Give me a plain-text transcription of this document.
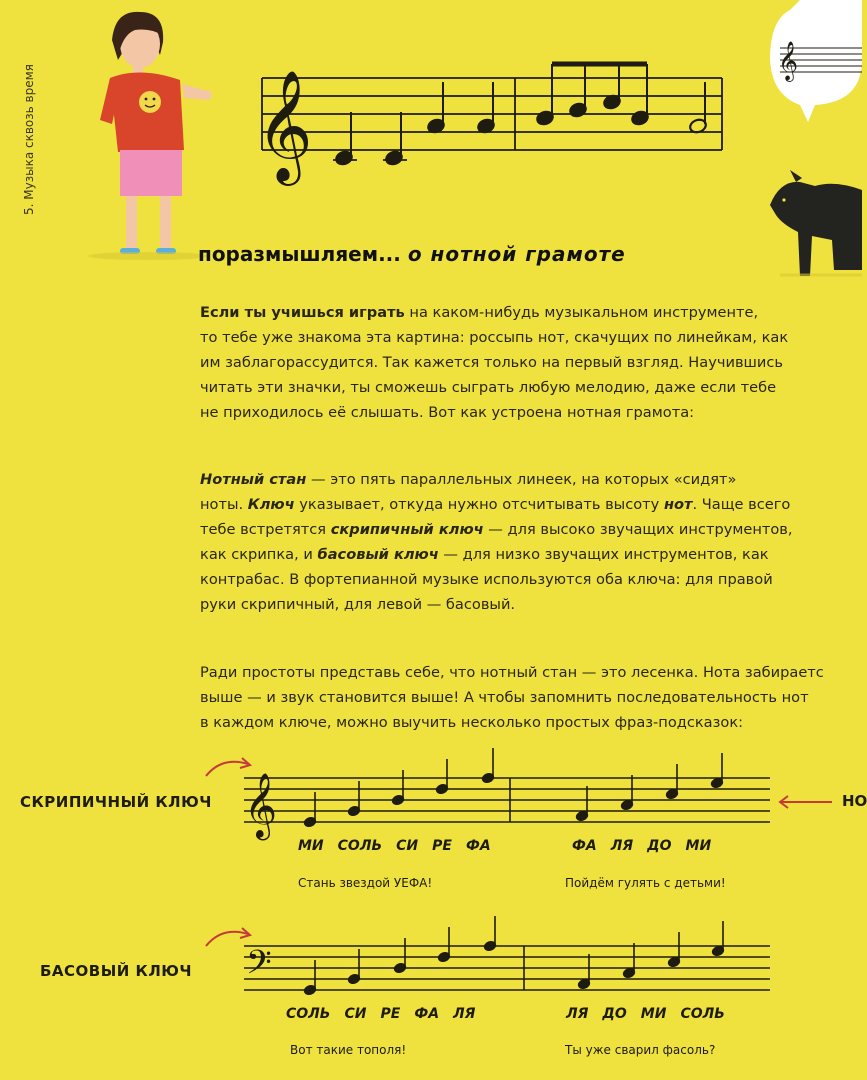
𝄞
𝄞
𝄞
𝄢
5. Музыка сквозь время
поразмышляем... о нотной грамоте
Если ты учишься играть на каком-нибудь музыкальном инструменте,
то тебе уже знакома эта картина: россыпь нот, скачущих по линейкам, как
им заблагорассудится. Так кажется только на первый взгляд. Научившись
читать эти значки, ты сможешь сыграть любую мелодию, даже если тебе
не приходилось её слышать. Вот как устроена нотная грамота:
Нотный стан — это пять параллельных линеек, на которых «сидят»
ноты. Ключ указывает, откуда нужно отсчитывать высоту нот. Чаще всего
тебе встретятся скрипичный ключ — для высоко звучащих инструментов,
как скрипка, и басовый ключ — для низко звучащих инструментов, как
контрабас. В фортепианной музыке используются оба ключа: для правой
руки скрипичный, для левой — басовый.
Ради простоты представь себе, что нотный стан — это лесенка. Нота забираетс
выше — и звук становится выше! А чтобы запомнить последовательность нот
в каждом ключе, можно выучить несколько простых фраз-подсказок:
СКРИПИЧНЫЙ КЛЮЧ	НО
МИ СОЛЬ СИ РЕ ФА	ФА ЛЯ ДО МИ
Стань звездой УЕФА!	Пойдём гулять с детьми!
БАСОВЫЙ КЛЮЧ
СОЛЬ СИ РЕ ФА ЛЯ	ЛЯ ДО МИ СОЛЬ
Вот такие тополя!	Ты уже сварил фасоль?
